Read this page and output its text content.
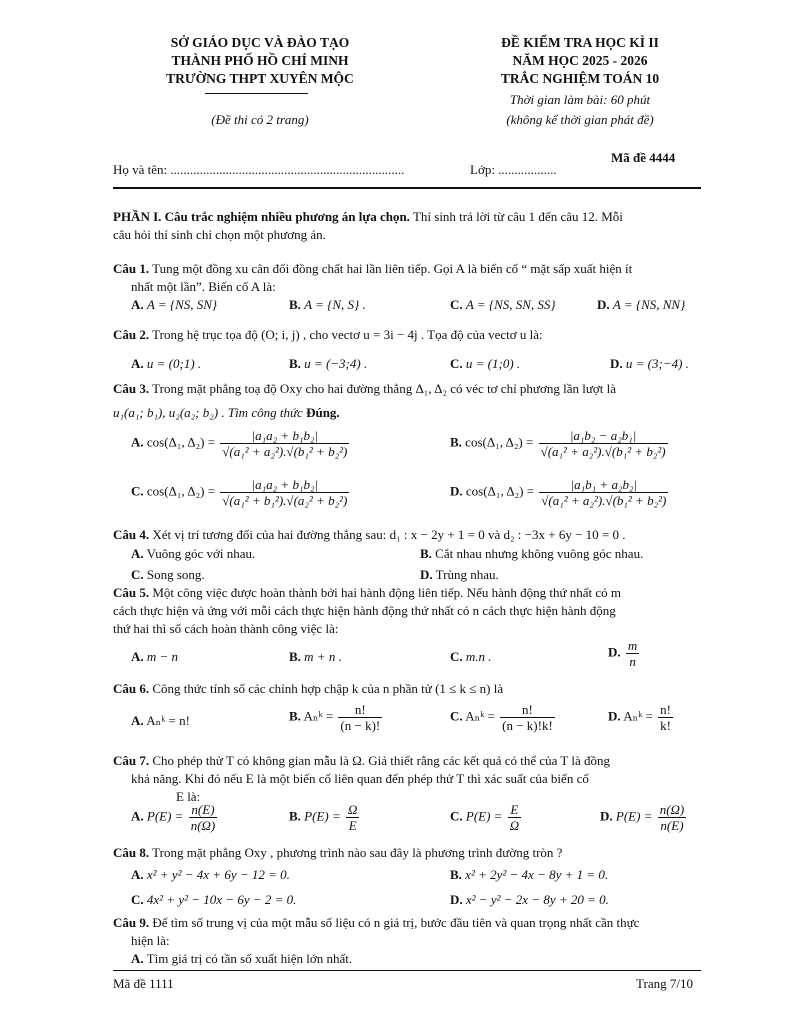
SỞ GIÁO DỤC VÀ ĐÀO TẠO
THÀNH PHỐ HỒ CHÍ MINH
TRƯỜNG THPT XUYÊN MỘC
(Đề thi có 2 trang)
ĐỀ KIỂM TRA HỌC KÌ II
NĂM HỌC 2025 - 2026
TRẮC NGHIỆM TOÁN 10
Thời gian làm bài: 60 phút
(không kể thời gian phát đề)
Mã đề 4444
Họ và tên: ........................................................................	Lớp: ..................
PHẦN I. Câu trắc nghiệm nhiều phương án lựa chọn. Thí sinh trả lời từ câu 1 đến câu 12. Mỗi
câu hỏi thí sinh chỉ chọn một phương án.
Câu 1. Tung một đồng xu cân đối đồng chất hai lần liên tiếp. Gọi A là biến cố “ mặt sấp xuất hiện ít
nhất một lần”. Biến cố A là:
A. A = {NS, SN}	B. A = {N, S} .	C. A = {NS, SN, SS}	D. A = {NS, NN}
Câu 2. Trong hệ trục tọa độ (O; i, j) , cho vectơ u = 3i − 4j . Tọa độ của vectơ u là:
A. u = (0;1) .	B. u = (−3;4) .	C. u = (1;0) .	D. u = (3;−4) .
Câu 3. Trong mặt phẳng toạ độ Oxy cho hai đường thẳng Δ₁, Δ₂ có véc tơ chỉ phương lần lượt là
u₁(a₁; b₁), u₂(a₂; b₂) . Tìm công thức Đúng.
A. cos(Δ₁, $\Delta_2) = \frac{\text{|a₁a₂ + b₁b₂|}}{\text{√(a₁² + a₂²).√(b₁² + b₂²)}}$	B. cos(Δ₁, $\Delta_2) = \frac{\text{|a₁b₂ − a₂b₁|}}{\text{√(a₁² + a₂²).√(b₁² + b₂²)}}$
C. cos(Δ₁, $\Delta_2) = \frac{\text{|a₁a₂ + b₁b₂|}}{\text{√(a₁² + b₁²).√(a₂² + b₂²)}}$	D. cos(Δ₁, $\Delta_2) = \frac{\text{|a₁b₁ + a₂b₂|}}{\text{√(a₁² + a₂²).√(b₁² + b₂²)}}$
Câu 4. Xét vị trí tương đối của hai đường thẳng sau: d₁ : x − 2y + 1 = 0 và d₂ : −3x + 6y − 10 = 0 .
A. Vuông góc với nhau.	B. Cắt nhau nhưng không vuông góc nhau.
C. Song song.	D. Trùng nhau.
Câu 5. Một công việc được hoàn thành bởi hai hành động liên tiếp. Nếu hành động thứ nhất có m
cách thực hiện và ứng với mỗi cách thực hiện hành động thứ nhất có n cách thực hiện hành động
thứ hai thì số cách hoàn thành công việc là:
A. m − n	B. m + n .	C. m.n .	D. $\frac{m}{n}$
Câu 6. Công thức tính số các chỉnh hợp chập k của n phần tử (1 ≤ k ≤ n) là
A. Aₙᵏ = n!	B. Aₙᵏ = $\frac{n!}{(n - k)!}$	C. Aₙᵏ = $\frac{n!}{(n - k)!k!}$	D. Aₙᵏ = $\frac{n!}{k!}$
Câu 7. Cho phép thử T có không gian mẫu là Ω. Giả thiết rằng các kết quả có thể của T là đồng
khả năng. Khi đó nếu E là một biến cố liên quan đến phép thử T thì xác suất của biến cố
E là:
A. $P(E) = \frac{n(E)}{n(\Omega)}$	B. $P(E) = \frac{\Omega}{E}$	C. $P(E) = \frac{E}{\Omega}$	D. $P(E) = \frac{n(\Omega)}{n(E)}$
Câu 8. Trong mặt phẳng Oxy , phương trình nào sau đây là phương trình đường tròn ?
A. x² + y² − 4x + 6y − 12 = 0.	B. x² + 2y² − 4x − 8y + 1 = 0.
C. 4x² + y² − 10x − 6y − 2 = 0.	D. x² − y² − 2x − 8y + 20 = 0.
Câu 9. Để tìm số trung vị của một mẫu số liệu có n giá trị, bước đầu tiên và quan trọng nhất cần thực
hiện là:
A. Tìm giá trị có tần số xuất hiện lớn nhất.
Mã đề 1111	Trang 7/10
